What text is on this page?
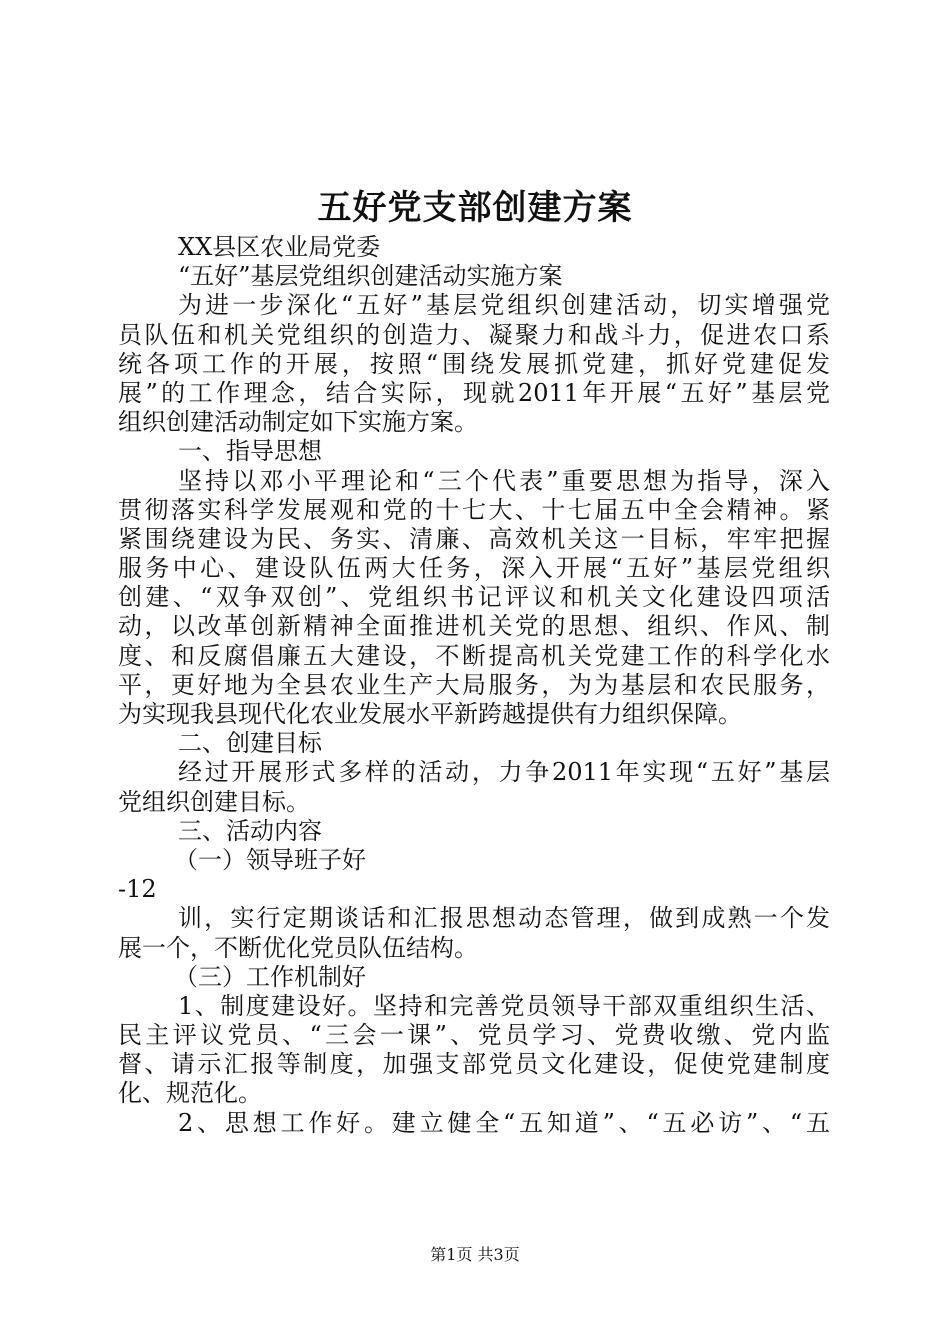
五好党支部创建方案
XX县区农业局党委
“五好”基层党组织创建活动实施方案
为进一步深化“五好”基层党组织创建活动，切实增强党
员队伍和机关党组织的创造力、凝聚力和战斗力，促进农口系
统各项工作的开展，按照“围绕发展抓党建，抓好党建促发
展”的工作理念，结合实际，现就2011年开展“五好”基层党
组织创建活动制定如下实施方案。
一、指导思想
坚持以邓小平理论和“三个代表”重要思想为指导，深入
贯彻落实科学发展观和党的十七大、十七届五中全会精神。紧
紧围绕建设为民、务实、清廉、高效机关这一目标，牢牢把握
服务中心、建设队伍两大任务，深入开展“五好”基层党组织
创建、“双争双创”、党组织书记评议和机关文化建设四项活
动，以改革创新精神全面推进机关党的思想、组织、作风、制
度、和反腐倡廉五大建设，不断提高机关党建工作的科学化水
平，更好地为全县农业生产大局服务，为为基层和农民服务，
为实现我县现代化农业发展水平新跨越提供有力组织保障。
二、创建目标
经过开展形式多样的活动，力争2011年实现“五好”基层
党组织创建目标。
三、活动内容
（一）领导班子好
-12
训，实行定期谈话和汇报思想动态管理，做到成熟一个发
展一个，不断优化党员队伍结构。
（三）工作机制好
1、制度建设好。坚持和完善党员领导干部双重组织生活、
民主评议党员、“三会一课”、党员学习、党费收缴、党内监
督、请示汇报等制度，加强支部党员文化建设，促使党建制度
化、规范化。
2、思想工作好。建立健全“五知道”、“五必访”、“五
第1页 共3页
